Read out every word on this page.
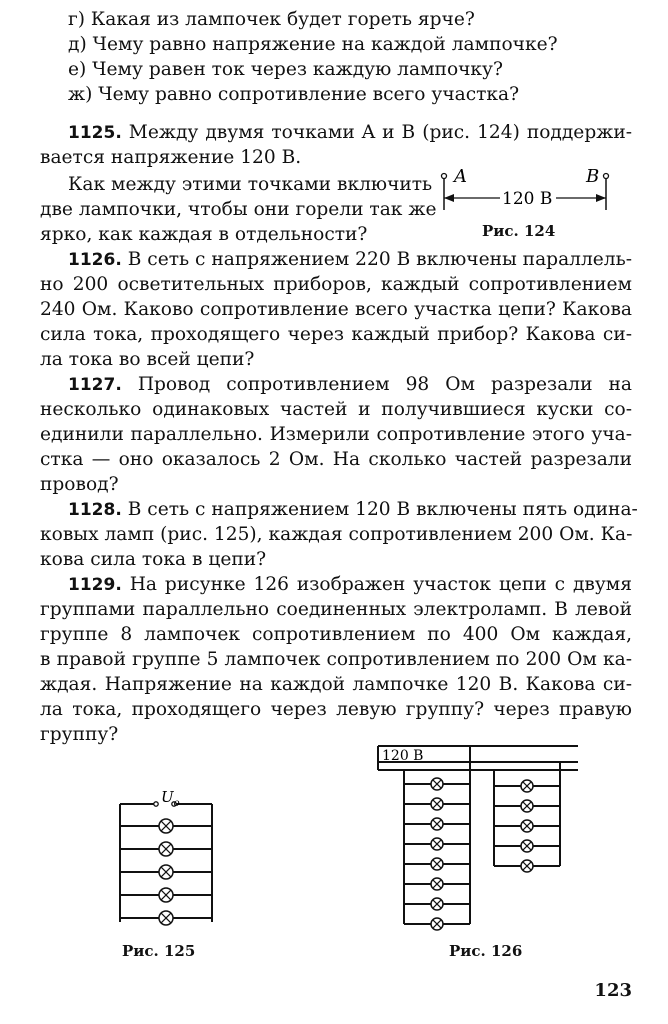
г) Какая из лампочек будет гореть ярче?
д) Чему равно напряжение на каждой лампочке?
е) Чему равен ток через каждую лампочку?
ж) Чему равно сопротивление всего участка?
1125. Между двумя точками A и B (рис. 124) поддержи-
вается напряжение 120 В.
Как между этими точками включить
две лампочки, чтобы они горели так же
ярко, как каждая в отдельности?
A	B
120 В
Рис. 124
1126. В сеть с напряжением 220 В включены параллель-
но 200 осветительных приборов, каждый сопротивлением
240 Ом. Каково сопротивление всего участка цепи? Какова
сила тока, проходящего через каждый прибор? Какова си-
ла тока во всей цепи?
1127. Провод сопротивлением 98 Ом разрезали на
несколько одинаковых частей и получившиеся куски со-
единили параллельно. Измерили сопротивление этого уча-
стка — оно оказалось 2 Ом. На сколько частей разрезали
провод?
1128. В сеть с напряжением 120 В включены пять одина-
ковых ламп (рис. 125), каждая сопротивлением 200 Ом. Ка-
кова сила тока в цепи?
1129. На рисунке 126 изображен участок цепи с двумя
группами параллельно соединенных электроламп. В левой
группе 8 лампочек сопротивлением по 400 Ом каждая,
в правой группе 5 лампочек сопротивлением по 200 Ом ка-
ждая. Напряжение на каждой лампочке 120 В. Какова си-
ла тока, проходящего через левую группу? через правую
группу?
$U_о$
Рис. 125
120 В
Рис. 126
123
